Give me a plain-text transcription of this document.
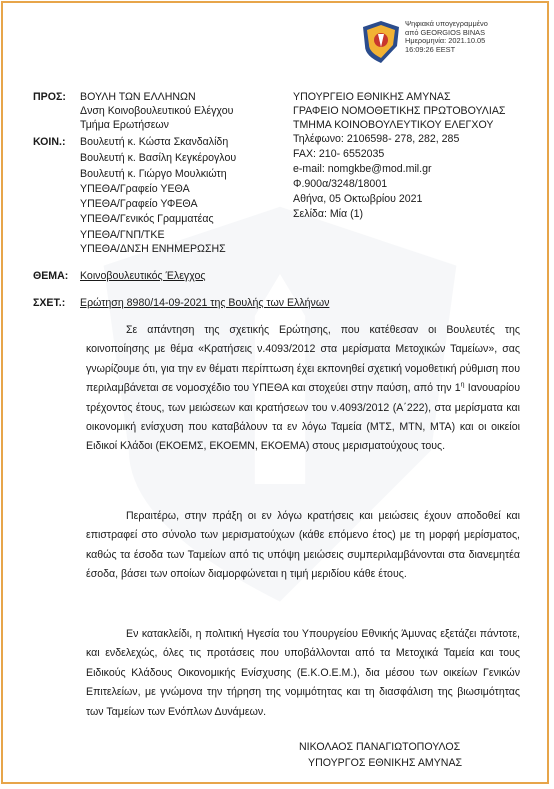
Ψηφιακά υπογεγραμμένο
από GEORGIOS BINAS
Ημερομηνία: 2021.10.05
16:09:26 EEST
ΠΡΟΣ: ΒΟΥΛΗ ΤΩΝ ΕΛΛΗΝΩΝ
Δνση Κοινοβουλευτικού Ελέγχου
Τμήμα Ερωτήσεων
ΚΟΙΝ.: Βουλευτή κ. Κώστα Σκανδαλίδη
Βουλευτή κ. Βασίλη Κεγκέρογλου
Βουλευτή κ. Γιώργο Μουλκιώτη
ΥΠΕΘΑ/Γραφείο ΥΕΘΑ
ΥΠΕΘΑ/Γραφείο ΥΦΕΘΑ
ΥΠΕΘΑ/Γενικός Γραμματέας
ΥΠΕΘΑ/ΓΝΠ/ΤΚΕ
ΥΠΕΘΑ/ΔΝΣΗ ΕΝΗΜΕΡΩΣΗΣ
ΥΠΟΥΡΓΕΙΟ ΕΘΝΙΚΗΣ ΑΜΥΝΑΣ
ΓΡΑΦΕΙΟ ΝΟΜΟΘΕΤΙΚΗΣ ΠΡΩΤΟΒΟΥΛΙΑΣ
ΤΜΗΜΑ ΚΟΙΝΟΒΟΥΛΕΥΤΙΚΟΥ ΕΛΕΓΧΟΥ
Τηλέφωνο: 2106598- 278, 282, 285
FAX: 210- 6552035
e-mail: nomgkbe@mod.mil.gr
Φ.900α/3248/18001
Αθήνα, 05 Οκτωβρίου 2021
Σελίδα: Μία (1)
ΘΕΜΑ: Κοινοβουλευτικός Έλεγχος
ΣΧΕΤ.: Ερώτηση 8980/14-09-2021 της Βουλής των Ελλήνων
Σε απάντηση της σχετικής Ερώτησης, που κατέθεσαν οι Βουλευτές της κοινοποίησης με θέμα «Κρατήσεις ν.4093/2012 στα μερίσματα Μετοχικών Ταμείων», σας γνωρίζουμε ότι, για την εν θέματι περίπτωση έχει εκπονηθεί σχετική νομοθετική ρύθμιση που περιλαμβάνεται σε νομοσχέδιο του ΥΠΕΘΑ και στοχεύει στην παύση, από την $1^\eta$ Ιανουαρίου τρέχοντος έτους, των μειώσεων και κρατήσεων του ν.4093/2012 (Α΄222), στα μερίσματα και οικονομική ενίσχυση που καταβάλουν τα εν λόγω Ταμεία (ΜΤΣ, ΜΤΝ, ΜΤΑ) και οι οικείοι Ειδικοί Κλάδοι (ΕΚΟΕΜΣ, ΕΚΟΕΜΝ, ΕΚΟΕΜΑ) στους μερισματούχους τους.
Περαιτέρω, στην πράξη οι εν λόγω κρατήσεις και μειώσεις έχουν αποδοθεί και επιστραφεί στο σύνολο των μερισματούχων (κάθε επόμενο έτος) με τη μορφή μερίσματος, καθώς τα έσοδα των Ταμείων από τις υπόψη μειώσεις συμπεριλαμβάνονται στα διανεμητέα έσοδα, βάσει των οποίων διαμορφώνεται η τιμή μεριδίου κάθε έτους.
Εν κατακλείδι, η πολιτική Ηγεσία του Υπουργείου Εθνικής Άμυνας εξετάζει πάντοτε, και ενδελεχώς, όλες τις προτάσεις που υποβάλλονται από τα Μετοχικά Ταμεία και τους Ειδικούς Κλάδους Οικονομικής Ενίσχυσης (Ε.Κ.Ο.Ε.Μ.), δια μέσου των οικείων Γενικών Επιτελείων, με γνώμονα την τήρηση της νομιμότητας και τη διασφάλιση της βιωσιμότητας των Ταμείων των Ενόπλων Δυνάμεων.
ΝΙΚΟΛΑΟΣ ΠΑΝΑΓΙΩΤΟΠΟΥΛΟΣ
ΥΠΟΥΡΓΟΣ ΕΘΝΙΚΗΣ ΑΜΥΝΑΣ
